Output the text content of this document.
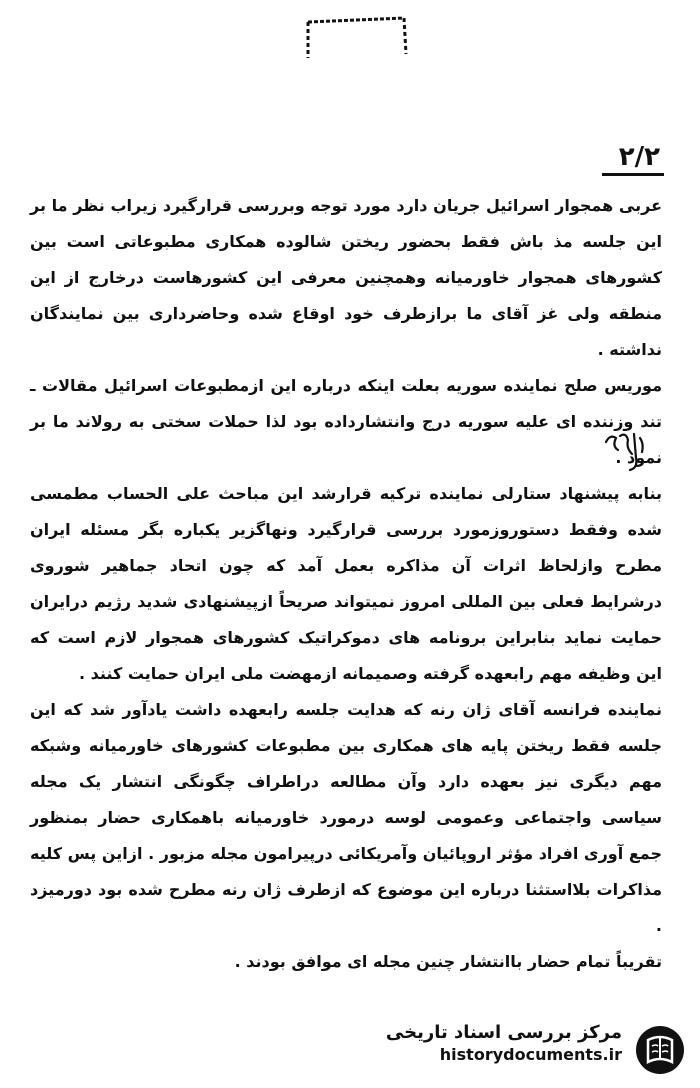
۲/۲

عربی همجوار اسرائیل جریان دارد مورد توجه وبررسی قرارگیرد زیراب نظر ما بر این جلسه مذ باش فقط بحضور ریختن شالوده همکاری مطبوعاتی است بین کشورهای همجوار خاورمیانه وهمچنین معرفی این کشورهاست درخارج از این منطقه ولی غز آقای ما برازطرف خود اوقاع شده وحاضرداری بین نمایندگان نداشته .

موریس صلح نماینده سوریه بعلت اینکه درباره این ازمطبوعات اسرائیل مقالات ـ تند وزننده ای علیه سوریه درج وانتشارداده بود لذا حملات سختی به رولاند ما بر نمود .

بنابه پیشنهاد ستارلی نماینده ترکیه قرارشد این مباحث علی الحساب مطمسی شده وفقط دستوروزمورد بررسی قرارگیرد ونهاگزیر یکباره بگر مسئله ایران مطرح وازلحاظ اثرات آن مذاکره بعمل آمد که چون اتحاد جماهیر شوروی درشرایط فعلی بین المللی امروز نمیتواند صریحاً ازپیشنهادی شدید رژیم درایران حمایت نماید بنابراین برونامه های دموکراتیک کشورهای همجوار لازم است که این وظیفه مهم رابعهده گرفته وصمیمانه ازمهضت ملی ایران حمایت کنند .

نماینده فرانسه آقای ژان رنه که هدایت جلسه رابعهده داشت یادآور شد که این جلسه فقط ریختن پایه های همکاری بین مطبوعات کشورهای خاورمیانه وشبکه مهم دیگری نیز بعهده دارد وآن مطالعه دراطراف چگونگی انتشار یک مجله سیاسی واجتماعی وعمومی لوسه درمورد خاورمیانه باهمکاری حضار بمنظور جمع آوری افراد مؤثر اروپائیان وآمریکائی درپیرامون مجله مزبور . ازاین پس کلیه مذاکرات بلااستثنا درباره این موضوع که ازطرف ژان رنه مطرح شده بود دورمیزد .

تقریباً تمام حضار باانتشار چنین مجله ای موافق بودند .

مرکز بررسی اسناد تاریخی
historydocuments.ir
